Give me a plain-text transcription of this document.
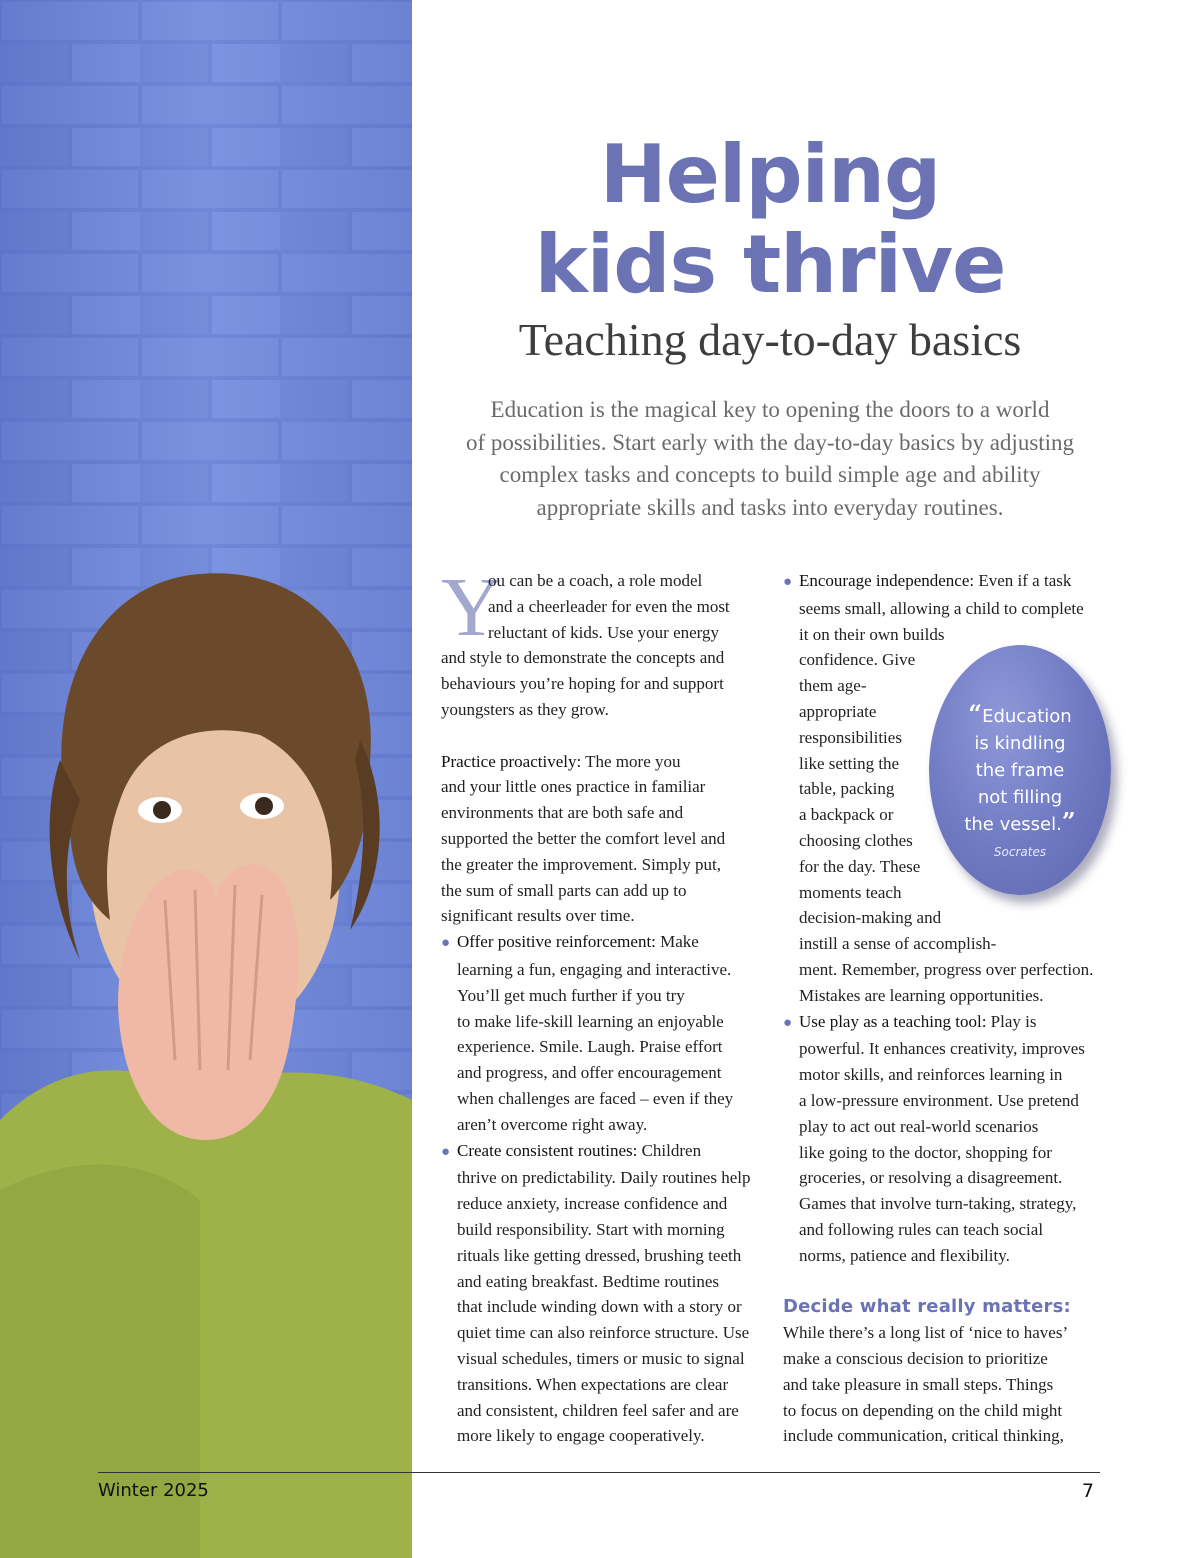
Helping
kids thrive
Teaching day-to-day basics
Education is the magical key to opening the doors to a world
of possibilities. Start early with the day-to-day basics by adjusting
complex tasks and concepts to build simple age and ability
appropriate skills and tasks into everyday routines.
Y
ou can be a coach, a role model
and a cheerleader for even the most
reluctant of kids. Use your energy
and style to demonstrate the concepts and
behaviours you’re hoping for and support
youngsters as they grow.
Practice proactively: The more you
and your little ones practice in familiar
environments that are both safe and
supported the better the comfort level and
the greater the improvement. Simply put,
the sum of small parts can add up to
significant results over time.
● Offer positive reinforcement: Make
learning a fun, engaging and interactive.
You’ll get much further if you try
to make life-skill learning an enjoyable
experience. Smile. Laugh. Praise effort
and progress, and offer encouragement
when challenges are faced – even if they
aren’t overcome right away.
● Create consistent routines: Children
thrive on predictability. Daily routines help
reduce anxiety, increase confidence and
build responsibility. Start with morning
rituals like getting dressed, brushing teeth
and eating breakfast. Bedtime routines
that include winding down with a story or
quiet time can also reinforce structure. Use
visual schedules, timers or music to signal
transitions. When expectations are clear
and consistent, children feel safer and are
more likely to engage cooperatively.
● Encourage independence: Even if a task
seems small, allowing a child to complete
it on their own builds
confidence. Give
them age-
appropriate
responsibilities
like setting the
table, packing
a backpack or
choosing clothes
for the day. These
moments teach
decision-making and
instill a sense of accomplish-
ment. Remember, progress over perfection.
Mistakes are learning opportunities.
● Use play as a teaching tool: Play is
powerful. It enhances creativity, improves
motor skills, and reinforces learning in
a low-pressure environment. Use pretend
play to act out real-world scenarios
like going to the doctor, shopping for
groceries, or resolving a disagreement.
Games that involve turn-taking, strategy,
and following rules can teach social
norms, patience and flexibility.
Decide what really matters:
While there’s a long list of ‘nice to haves’
make a conscious decision to prioritize
and take pleasure in small steps. Things
to focus on depending on the child might
include communication, critical thinking,
“Education
is kindling
the frame
not filling
the vessel.”
Socrates
Winter 2025	7
